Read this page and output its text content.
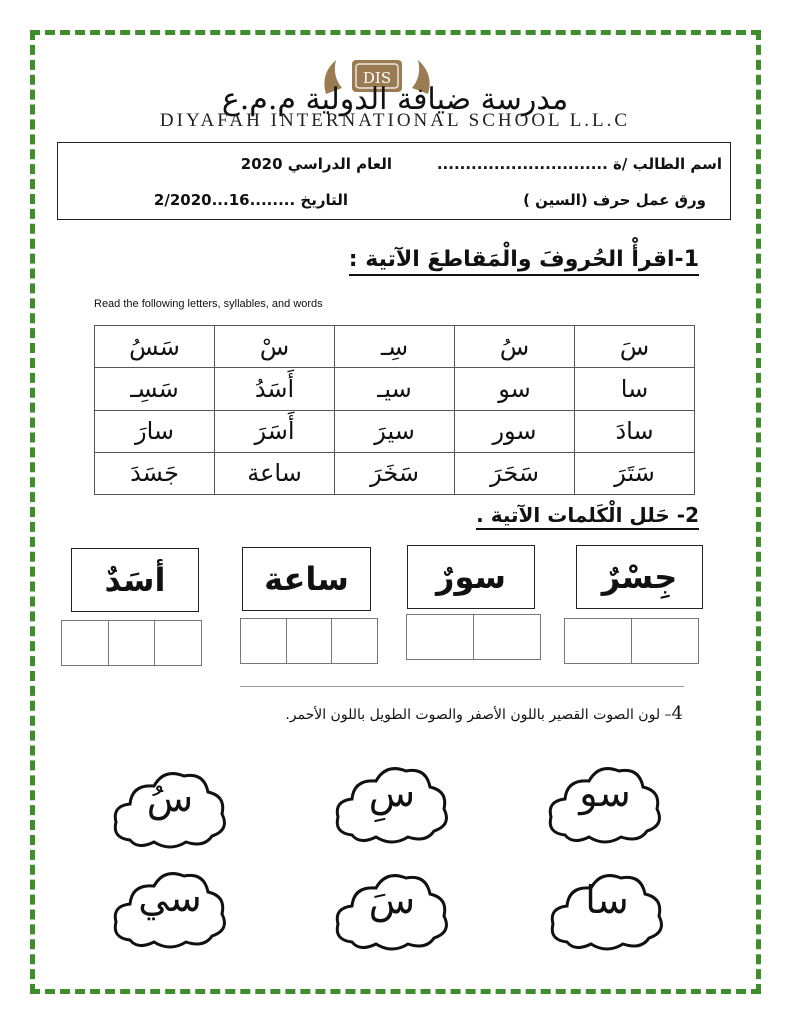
DIS
مدرسة ضيافة الدولية م.م.ع
DIYAFAH INTERNATIONAL SCHOOL L.L.C
اسم الطالب /ة ..............................
العام الدراسي 2020
ورق عمل حرف (السين )
التاريخ ........16...2/2020
1-اقرأْ الحُروفَ والْمَقاطعَ الآتية :
Read the following letters, syllables, and words
سَ	سُ	سِـ	سْ	سَسُ
سا	سو	سيـ	أَسَدُ	سَسِـ
سادَ	سور	سيرَ	أَسَرَ	سارَ
سَتَرَ	سَحَرَ	سَخَرَ	ساعة	جَسَدَ
2- حَلل الْكَلمات الآتية .
جِسْرٌ
سورٌ
ساعة
أسَدٌ
4– لون الصوت القصير باللون الأصفر والصوت الطويل باللون الأحمر.
سو
سِ
سُ
سا
سَ
سي
